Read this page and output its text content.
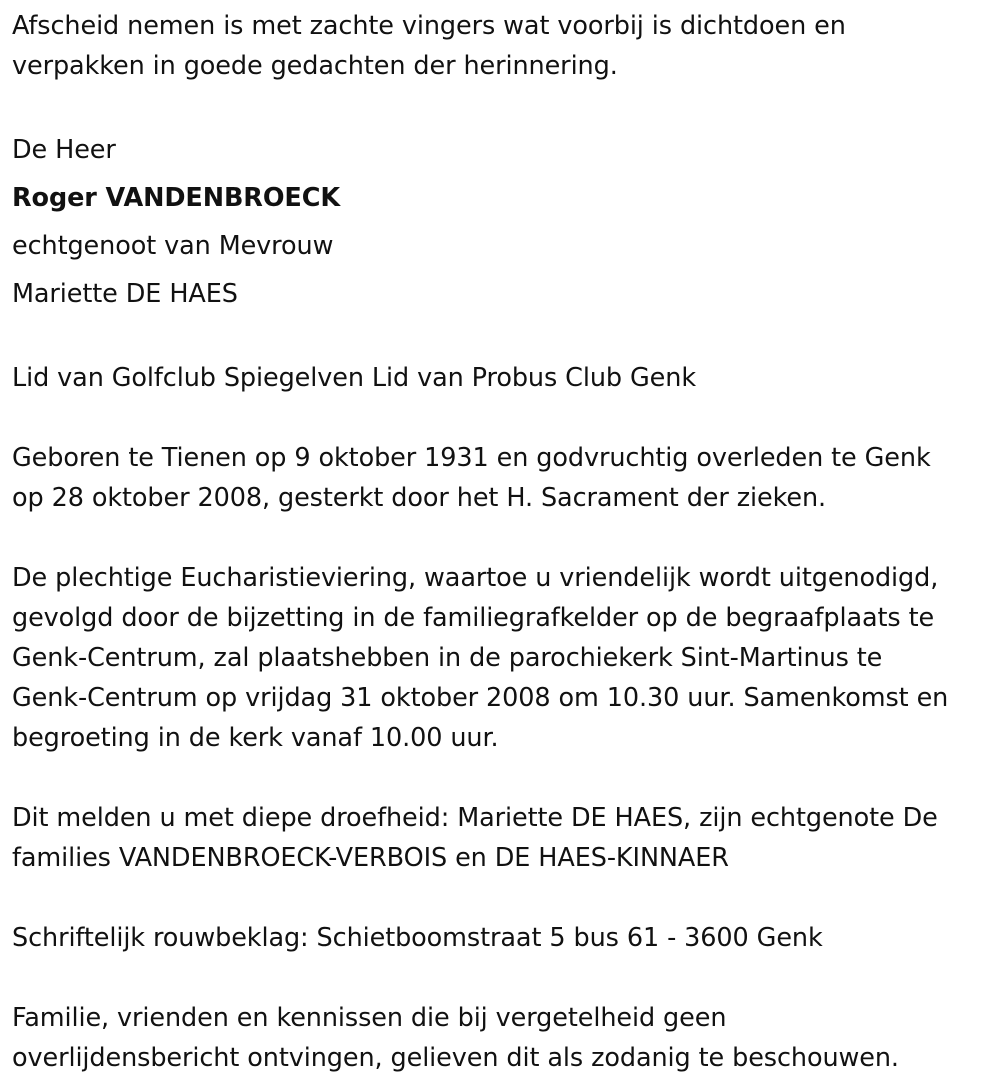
Afscheid nemen is met zachte vingers wat voorbij is dichtdoen en
verpakken in goede gedachten der herinnering.

De Heer
Roger VANDENBROECK
echtgenoot van Mevrouw
Mariette DE HAES

Lid van Golfclub Spiegelven Lid van Probus Club Genk

Geboren te Tienen op 9 oktober 1931 en godvruchtig overleden te Genk
op 28 oktober 2008, gesterkt door het H. Sacrament der zieken.

De plechtige Eucharistieviering, waartoe u vriendelijk wordt uitgenodigd,
gevolgd door de bijzetting in de familiegrafkelder op de begraafplaats te
Genk-Centrum, zal plaatshebben in de parochiekerk Sint-Martinus te
Genk-Centrum op vrijdag 31 oktober 2008 om 10.30 uur. Samenkomst en
begroeting in de kerk vanaf 10.00 uur.

Dit melden u met diepe droefheid: Mariette DE HAES, zijn echtgenote De
families VANDENBROECK-VERBOIS en DE HAES-KINNAER

Schriftelijk rouwbeklag: Schietboomstraat 5 bus 61 - 3600 Genk

Familie, vrienden en kennissen die bij vergetelheid geen
overlijdensbericht ontvingen, gelieven dit als zodanig te beschouwen.
